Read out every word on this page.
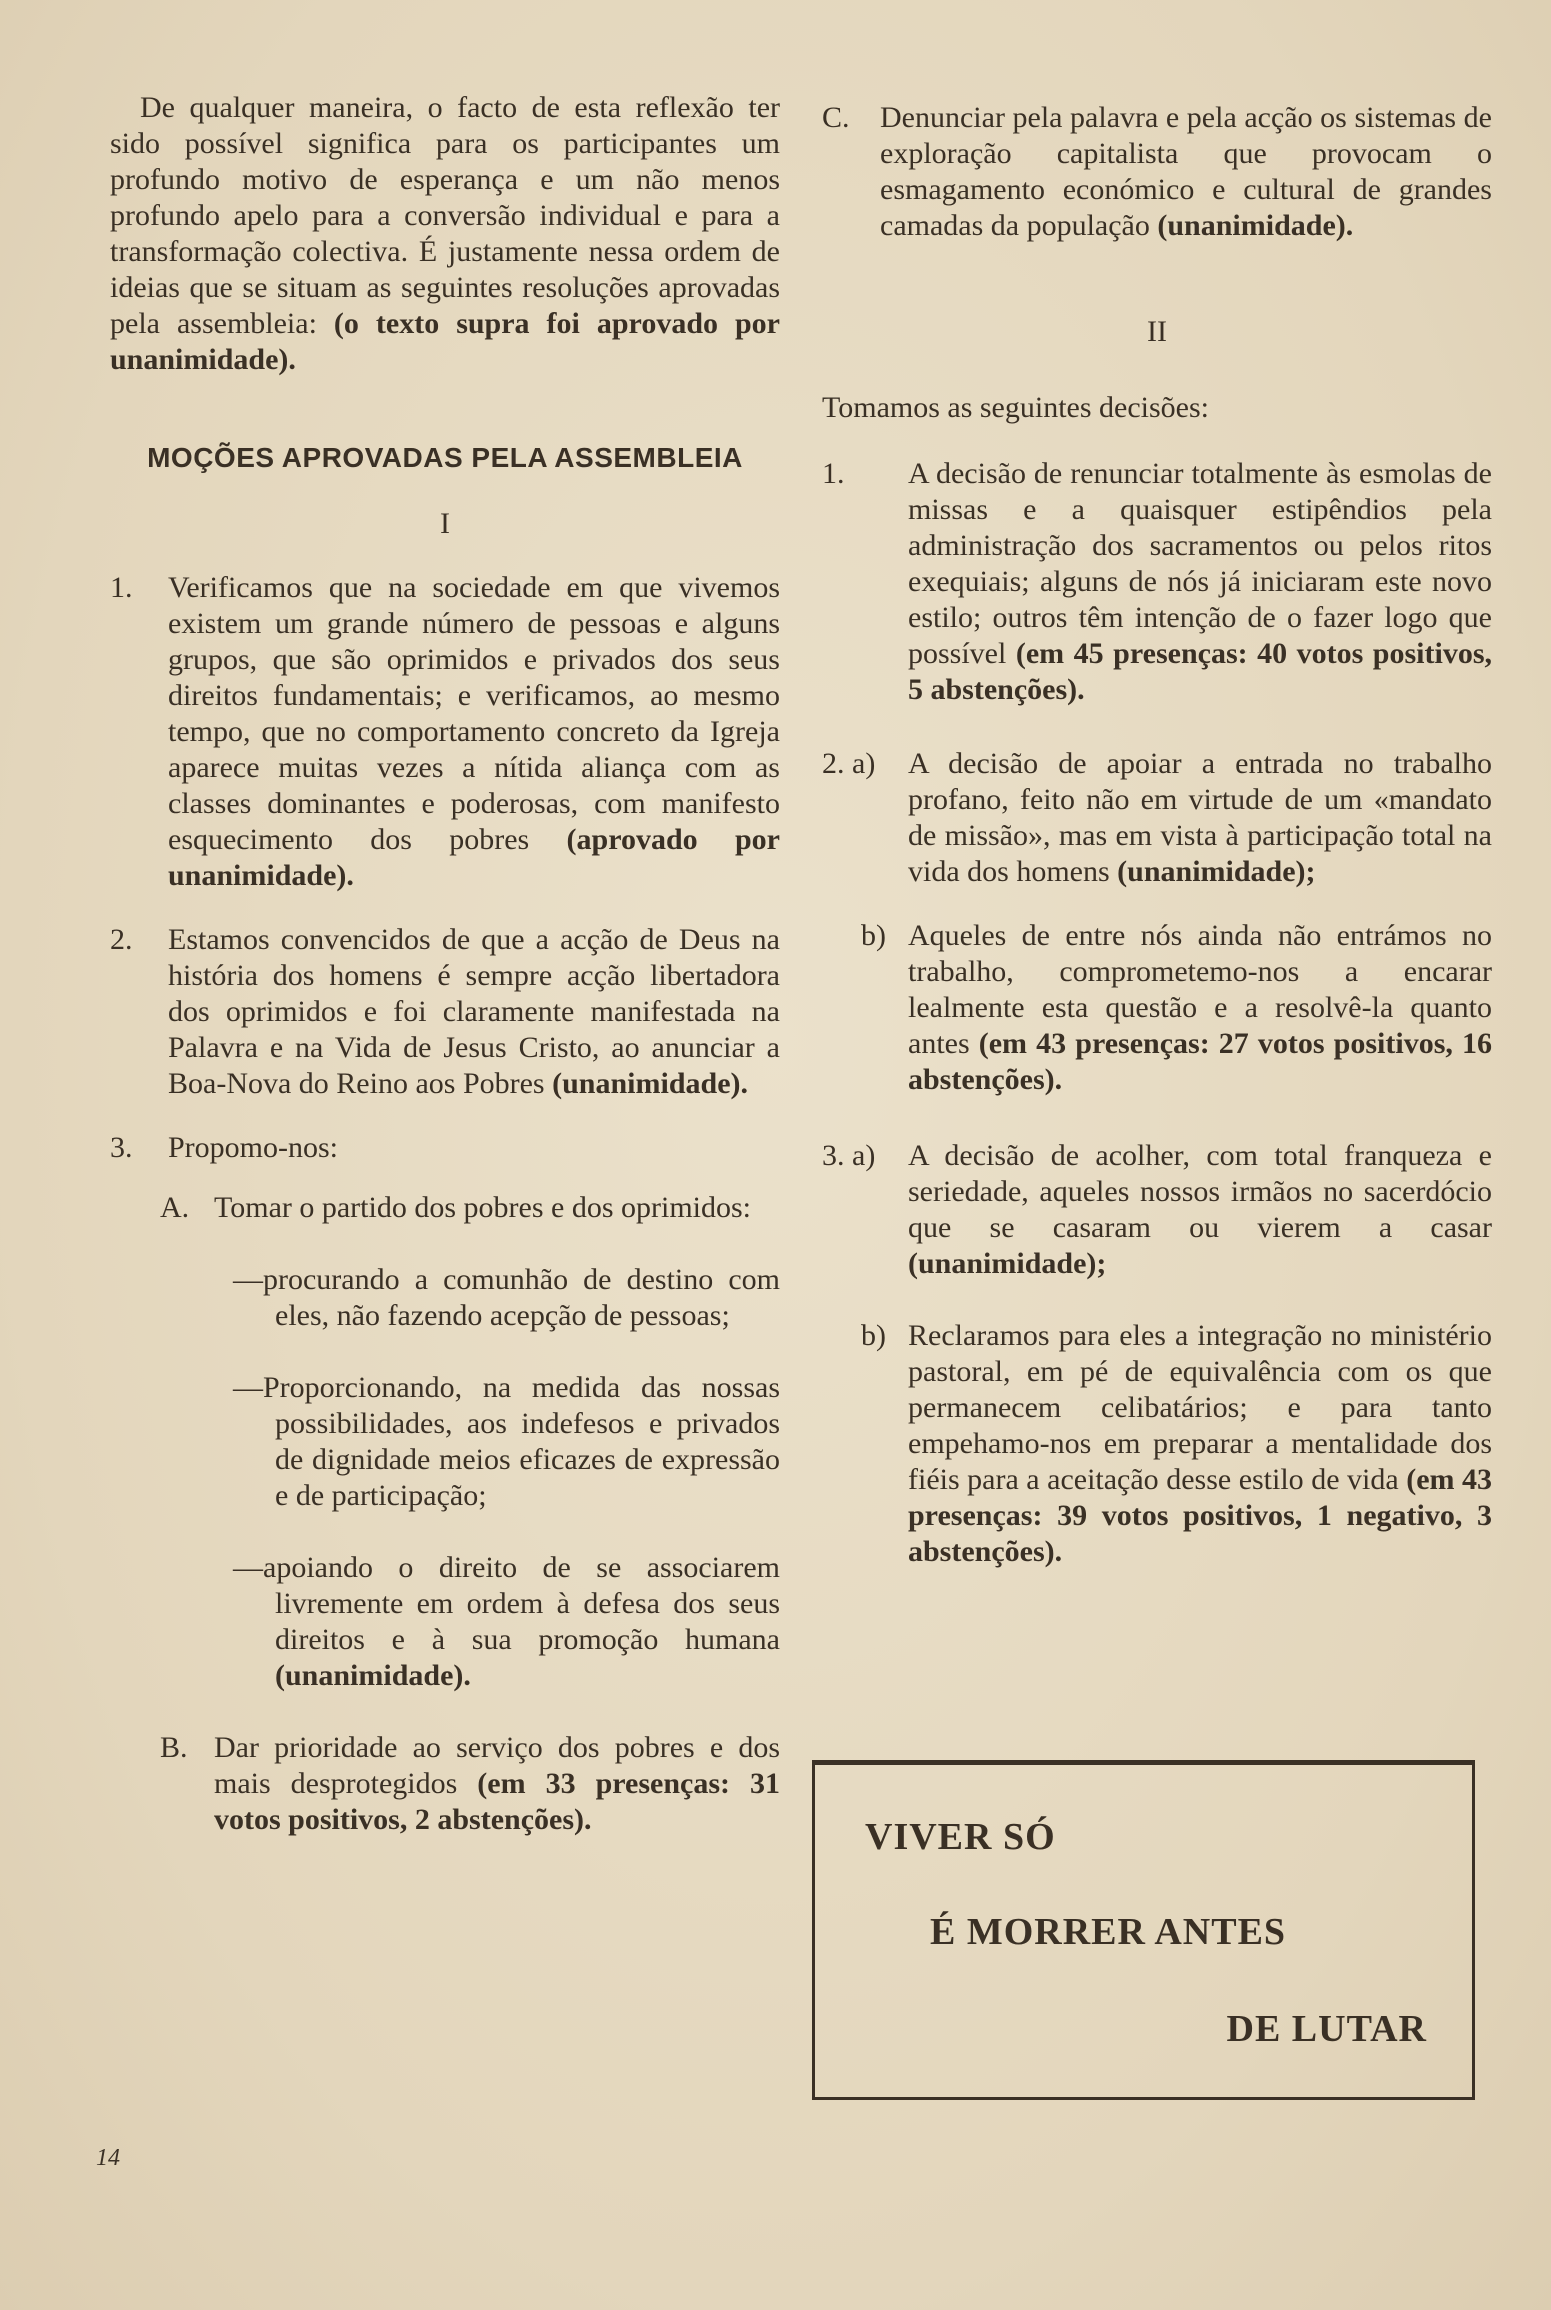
De qualquer maneira, o facto de esta reflexão ter sido possível significa para os participantes um profundo motivo de esperança e um não menos profundo apelo para a conversão individual e para a transformação colectiva. É justamente nessa ordem de ideias que se situam as seguintes resoluções aprovadas pela assembleia: (o texto supra foi aprovado por unanimidade).

MOÇÕES APROVADAS PELA ASSEMBLEIA
I
1.	Verificamos que na sociedade em que vivemos existem um grande número de pessoas e alguns grupos, que são oprimidos e privados dos seus direitos fundamentais; e verificamos, ao mesmo tempo, que no comportamento concreto da Igreja aparece muitas vezes a nítida aliança com as classes dominantes e poderosas, com manifesto esquecimento dos pobres (aprovado por unanimidade).
2.	Estamos convencidos de que a acção de Deus na história dos homens é sempre acção libertadora dos oprimidos e foi claramente manifestada na Palavra e na Vida de Jesus Cristo, ao anunciar a Boa-Nova do Reino aos Pobres (unanimidade).
3.	Propomo-nos:
A. Tomar o partido dos pobres e dos oprimidos:
—procurando a comunhão de destino com eles, não fazendo acepção de pessoas;
—Proporcionando, na medida das nossas possibilidades, aos indefesos e privados de dignidade meios eficazes de expressão e de participação;
—apoiando o direito de se associarem livremente em ordem à defesa dos seus direitos e à sua promoção humana (unanimidade).
B. Dar prioridade ao serviço dos pobres e dos mais desprotegidos (em 33 presenças: 31 votos positivos, 2 abstenções).
C.	Denunciar pela palavra e pela acção os sistemas de exploração capitalista que provocam o esmagamento económico e cultural de grandes camadas da população (unanimidade).
II

Tomamos as seguintes decisões:

1.	A decisão de renunciar totalmente às esmolas de missas e a quaisquer estipêndios pela administração dos sacramentos ou pelos ritos exequiais; alguns de nós já iniciaram este novo estilo; outros têm intenção de o fazer logo que possível (em 45 presenças: 40 votos positivos, 5 abstenções).
2. a)	A decisão de apoiar a entrada no trabalho profano, feito não em virtude de um «mandato de missão», mas em vista à participação total na vida dos homens (unanimidade);
b) Aqueles de entre nós ainda não entrámos no trabalho, comprometemo-nos a encarar lealmente esta questão e a resolvê-la quanto antes (em 43 presenças: 27 votos positivos, 16 abstenções).
3. a)	A decisão de acolher, com total franqueza e seriedade, aqueles nossos irmãos no sacerdócio que se casaram ou vierem a casar (unanimidade);
b) Reclaramos para eles a integração no ministério pastoral, em pé de equivalência com os que permanecem celibatários; e para tanto empehamo-nos em preparar a mentalidade dos fiéis para a aceitação desse estilo de vida (em 43 presenças: 39 votos positivos, 1 negativo, 3 abstenções).
VIVER SÓ
É MORRER ANTES
DE LUTAR
14
